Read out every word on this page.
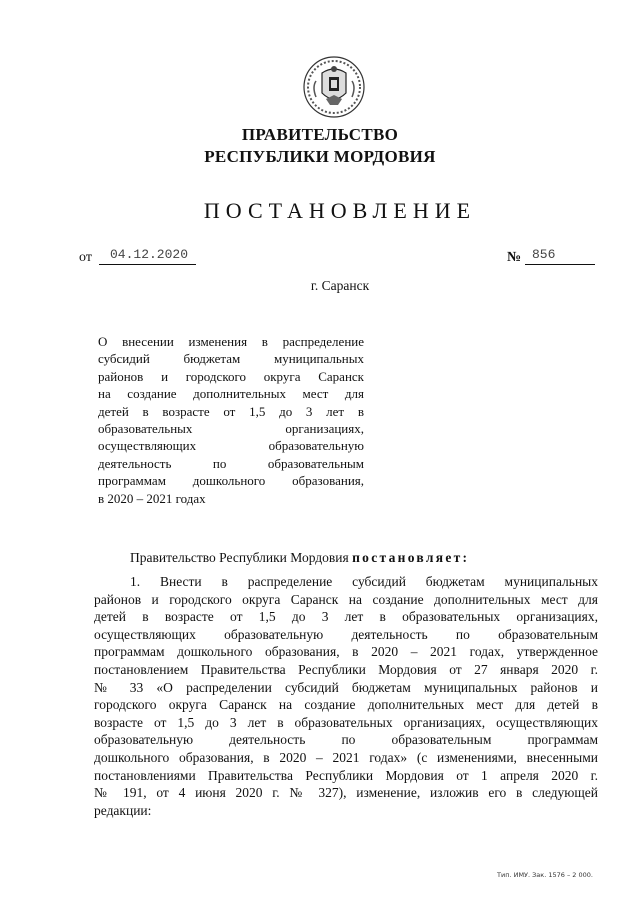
ПРАВИТЕЛЬСТВО
РЕСПУБЛИКИ МОРДОВИЯ
ПОСТАНОВЛЕНИЕ
от 04.12.2020	№ 856
г. Саранск
О внесении изменения в распределение
субсидий бюджетам муниципальных
районов и городского округа Саранск
на создание дополнительных мест для
детей в возрасте от 1,5 до 3 лет в
образовательных организациях,
осуществляющих образовательную
деятельность по образовательным
программам дошкольного образования,
в 2020 – 2021 годах
Правительство Республики Мордовия постановляет:
1. Внести в распределение субсидий бюджетам муниципальных
районов и городского округа Саранск на создание дополнительных мест для
детей в возрасте от 1,5 до 3 лет в образовательных организациях,
осуществляющих образовательную деятельность по образовательным
программам дошкольного образования, в 2020 – 2021 годах, утвержденное
постановлением Правительства Республики Мордовия от 27 января 2020 г.
№ 33 «О распределении субсидий бюджетам муниципальных районов и
городского округа Саранск на создание дополнительных мест для детей в
возрасте от 1,5 до 3 лет в образовательных организациях, осуществляющих
образовательную деятельность по образовательным программам
дошкольного образования, в 2020 – 2021 годах» (с изменениями, внесенными
постановлениями Правительства Республики Мордовия от 1 апреля 2020 г.
№ 191, от 4 июня 2020 г. № 327), изменение, изложив его в следующей
редакции:
Тип. ИМУ. Зак. 1576 – 2 000.
